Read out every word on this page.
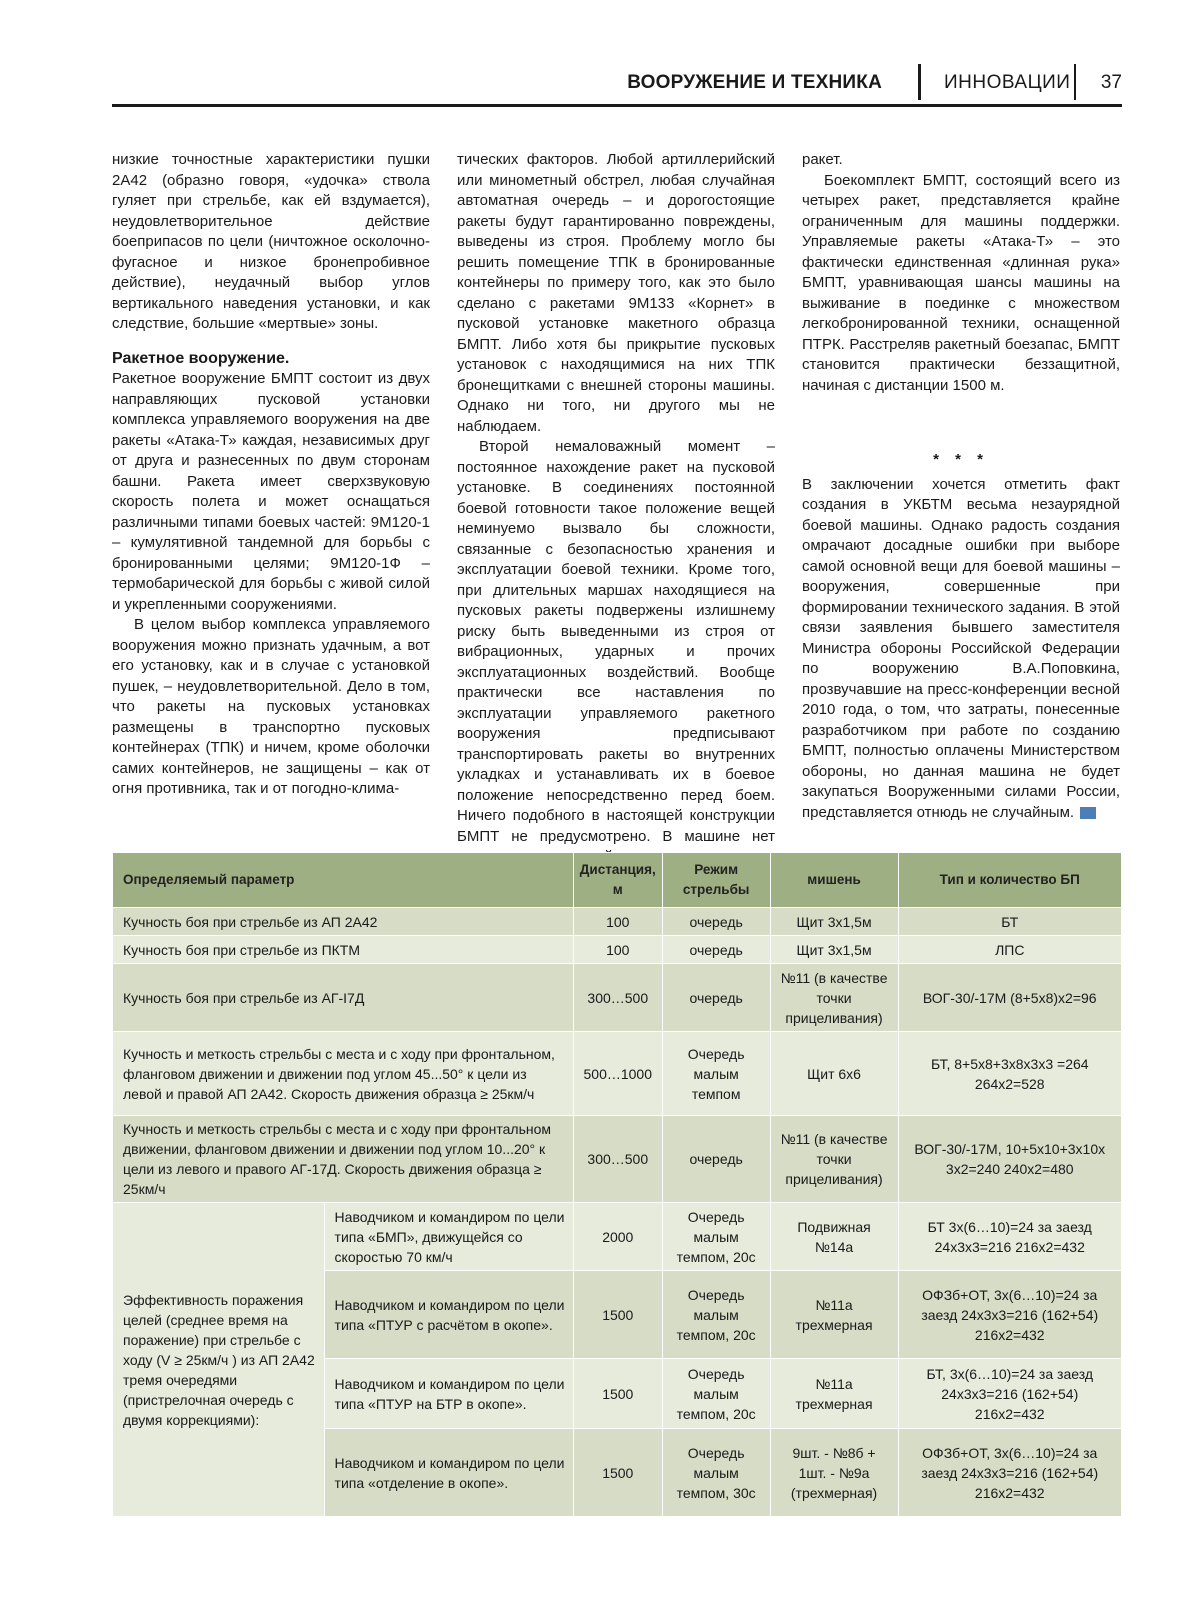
ВООРУЖЕНИЕ И ТЕХНИКА	ИННОВАЦИИ 37

низкие точностные характеристики пушки 2А42 (образно говоря, «удочка» ствола гуляет при стрельбе, как ей вздумается), неудовлетворительное действие боеприпасов по цели (ничтожное осколочно-фугасное и низкое бронепробивное действие), неудачный выбор углов вертикального наведения установки, и как следствие, большие «мертвые» зоны.

Ракетное вооружение.

Ракетное вооружение БМПТ состоит из двух направляющих пусковой установки комплекса управляемого вооружения на две ракеты «Атака-Т» каждая, независимых друг от друга и разнесенных по двум сторонам башни. Ракета имеет сверхзвуковую скорость полета и может оснащаться различными типами боевых частей: 9М120-1 – кумулятивной тандемной для борьбы с бронированными целями; 9М120-1Ф – термобарической для борьбы с живой силой и укрепленными сооружениями.

В целом выбор комплекса управляемого вооружения можно признать удачным, а вот его установку, как и в случае с установкой пушек, – неудовлетворительной. Дело в том, что ракеты на пусковых установках размещены в транспортно пусковых контейнерах (ТПК) и ничем, кроме оболочки самих контейнеров, не защищены – как от огня противника, так и от погодно-клима-

тических факторов. Любой артиллерийский или минометный обстрел, любая случайная автоматная очередь – и дорогостоящие ракеты будут гарантированно повреждены, выведены из строя. Проблему могло бы решить помещение ТПК в бронированные контейнеры по примеру того, как это было сделано с ракетами 9М133 «Корнет» в пусковой установке макетного образца БМПТ. Либо хотя бы прикрытие пусковых установок с находящимися на них ТПК бронещитками с внешней стороны машины. Однако ни того, ни другого мы не наблюдаем.

Второй немаловажный момент – постоянное нахождение ракет на пусковой установке. В соединениях постоянной боевой готовности такое положение вещей неминуемо вызвало бы сложности, связанные с безопасностью хранения и эксплуатации боевой техники. Кроме того, при длительных маршах находящиеся на пусковых ракеты подвержены излишнему риску быть выведенными из строя от вибрационных, ударных и прочих эксплуатационных воздействий. Вообще практически все наставления по эксплуатации управляемого ракетного вооружения предписывают транспортировать ракеты во внутренних укладках и устанавливать их в боевое положение непосредственно перед боем. Ничего подобного в настоящей конструкции БМПТ не предусмотрено. В машине нет

ракет.

Боекомплект БМПТ, состоящий всего из четырех ракет, представляется крайне ограниченным для машины поддержки. Управляемые ракеты «Атака-Т» – это фактически единственная «длинная рука» БМПТ, уравнивающая шансы машины на выживание в поединке с множеством легкобронированной техники, оснащенной ПТРК. Расстреляв ракетный боезапас, БМПТ становится практически беззащитной, начиная с дистанции 1500 м.

* * *

В заключении хочется отметить факт создания в УКБТМ весьма незаурядной боевой машины. Однако радость создания омрачают досадные ошибки при выборе самой основной вещи для боевой машины – вооружения, совершенные при формировании технического задания. В этой связи заявления бывшего заместителя Министра обороны Российской Федерации по вооружению В.А.Поповкина, прозвучавшие на пресс-конференции весной 2010 года, о том, что затраты, понесенные разработчиком при работе по созданию БМПТ, полностью оплачены Министерством обороны, но данная машина не будет закупаться Вооруженными силами России, представляется отнюдь не случайным.

Определяемый параметр		Дистанция, м	Режим стрельбы	мишень	Тип и количество БП
Кучность боя при стрельбе из АП 2А42		100	очередь	Щит 3х1,5м	БТ
Кучность боя при стрельбе из ПКТМ		100	очередь	Щит 3х1,5м	ЛПС
Кучность боя при стрельбе из АГ-I7Д		300…500	очередь	№11 (в качестве точки прицеливания)	ВОГ-30/-17М (8+5х8)х2=96
Кучность и меткость стрельбы с места и с ходу при фронтальном, фланговом движении и движении под углом 45...50° к цели из левой и правой АП 2А42. Скорость движения образца ≥ 25км/ч		500…1000	Очередь малым темпом	Щит 6х6	БТ, 8+5х8+3х8х3х3 =264 264х2=528
Кучность и меткость стрельбы с места и с ходу при фронтальном движении, фланговом движении и движении под углом 10...20° к цели из левого и правого АГ-17Д. Скорость движения образца ≥ 25км/ч		300…500	очередь	№11 (в качестве точки прицеливания)	ВОГ-30/-17М, 10+5х10+3х10х 3х2=240 240х2=480
Эффективность поражения целей (среднее время на поражение) при стрельбе с ходу (V ≥ 25км/ч ) из АП 2А42 тремя очередями (пристрелочная очередь с двумя коррекциями):	Наводчиком и командиром по цели типа «БМП», движущейся со скоростью 70 км/ч	2000	Очередь малым темпом, 20с	Подвижная №14а	БТ 3х(6…10)=24 за заезд 24х3х3=216 216х2=432
	Наводчиком и командиром по цели типа «ПТУР с расчётом в окопе».	1500	Очередь малым темпом, 20с	№11а трехмерная	ОФЗб+ОТ, 3х(6…10)=24 за заезд 24х3х3=216 (162+54) 216х2=432
	Наводчиком и командиром по цели типа «ПТУР на БТР в окопе».	1500	Очередь малым темпом, 20с	№11а трехмерная	БТ, 3х(6…10)=24 за заезд 24х3х3=216 (162+54) 216х2=432
	Наводчиком и командиром по цели типа «отделение в окопе».	1500	Очередь малым темпом, 30с	9шт. - №8б + 1шт. - №9а (трехмерная)	ОФЗб+ОТ, 3х(6…10)=24 за заезд 24х3х3=216 (162+54) 216х2=432
